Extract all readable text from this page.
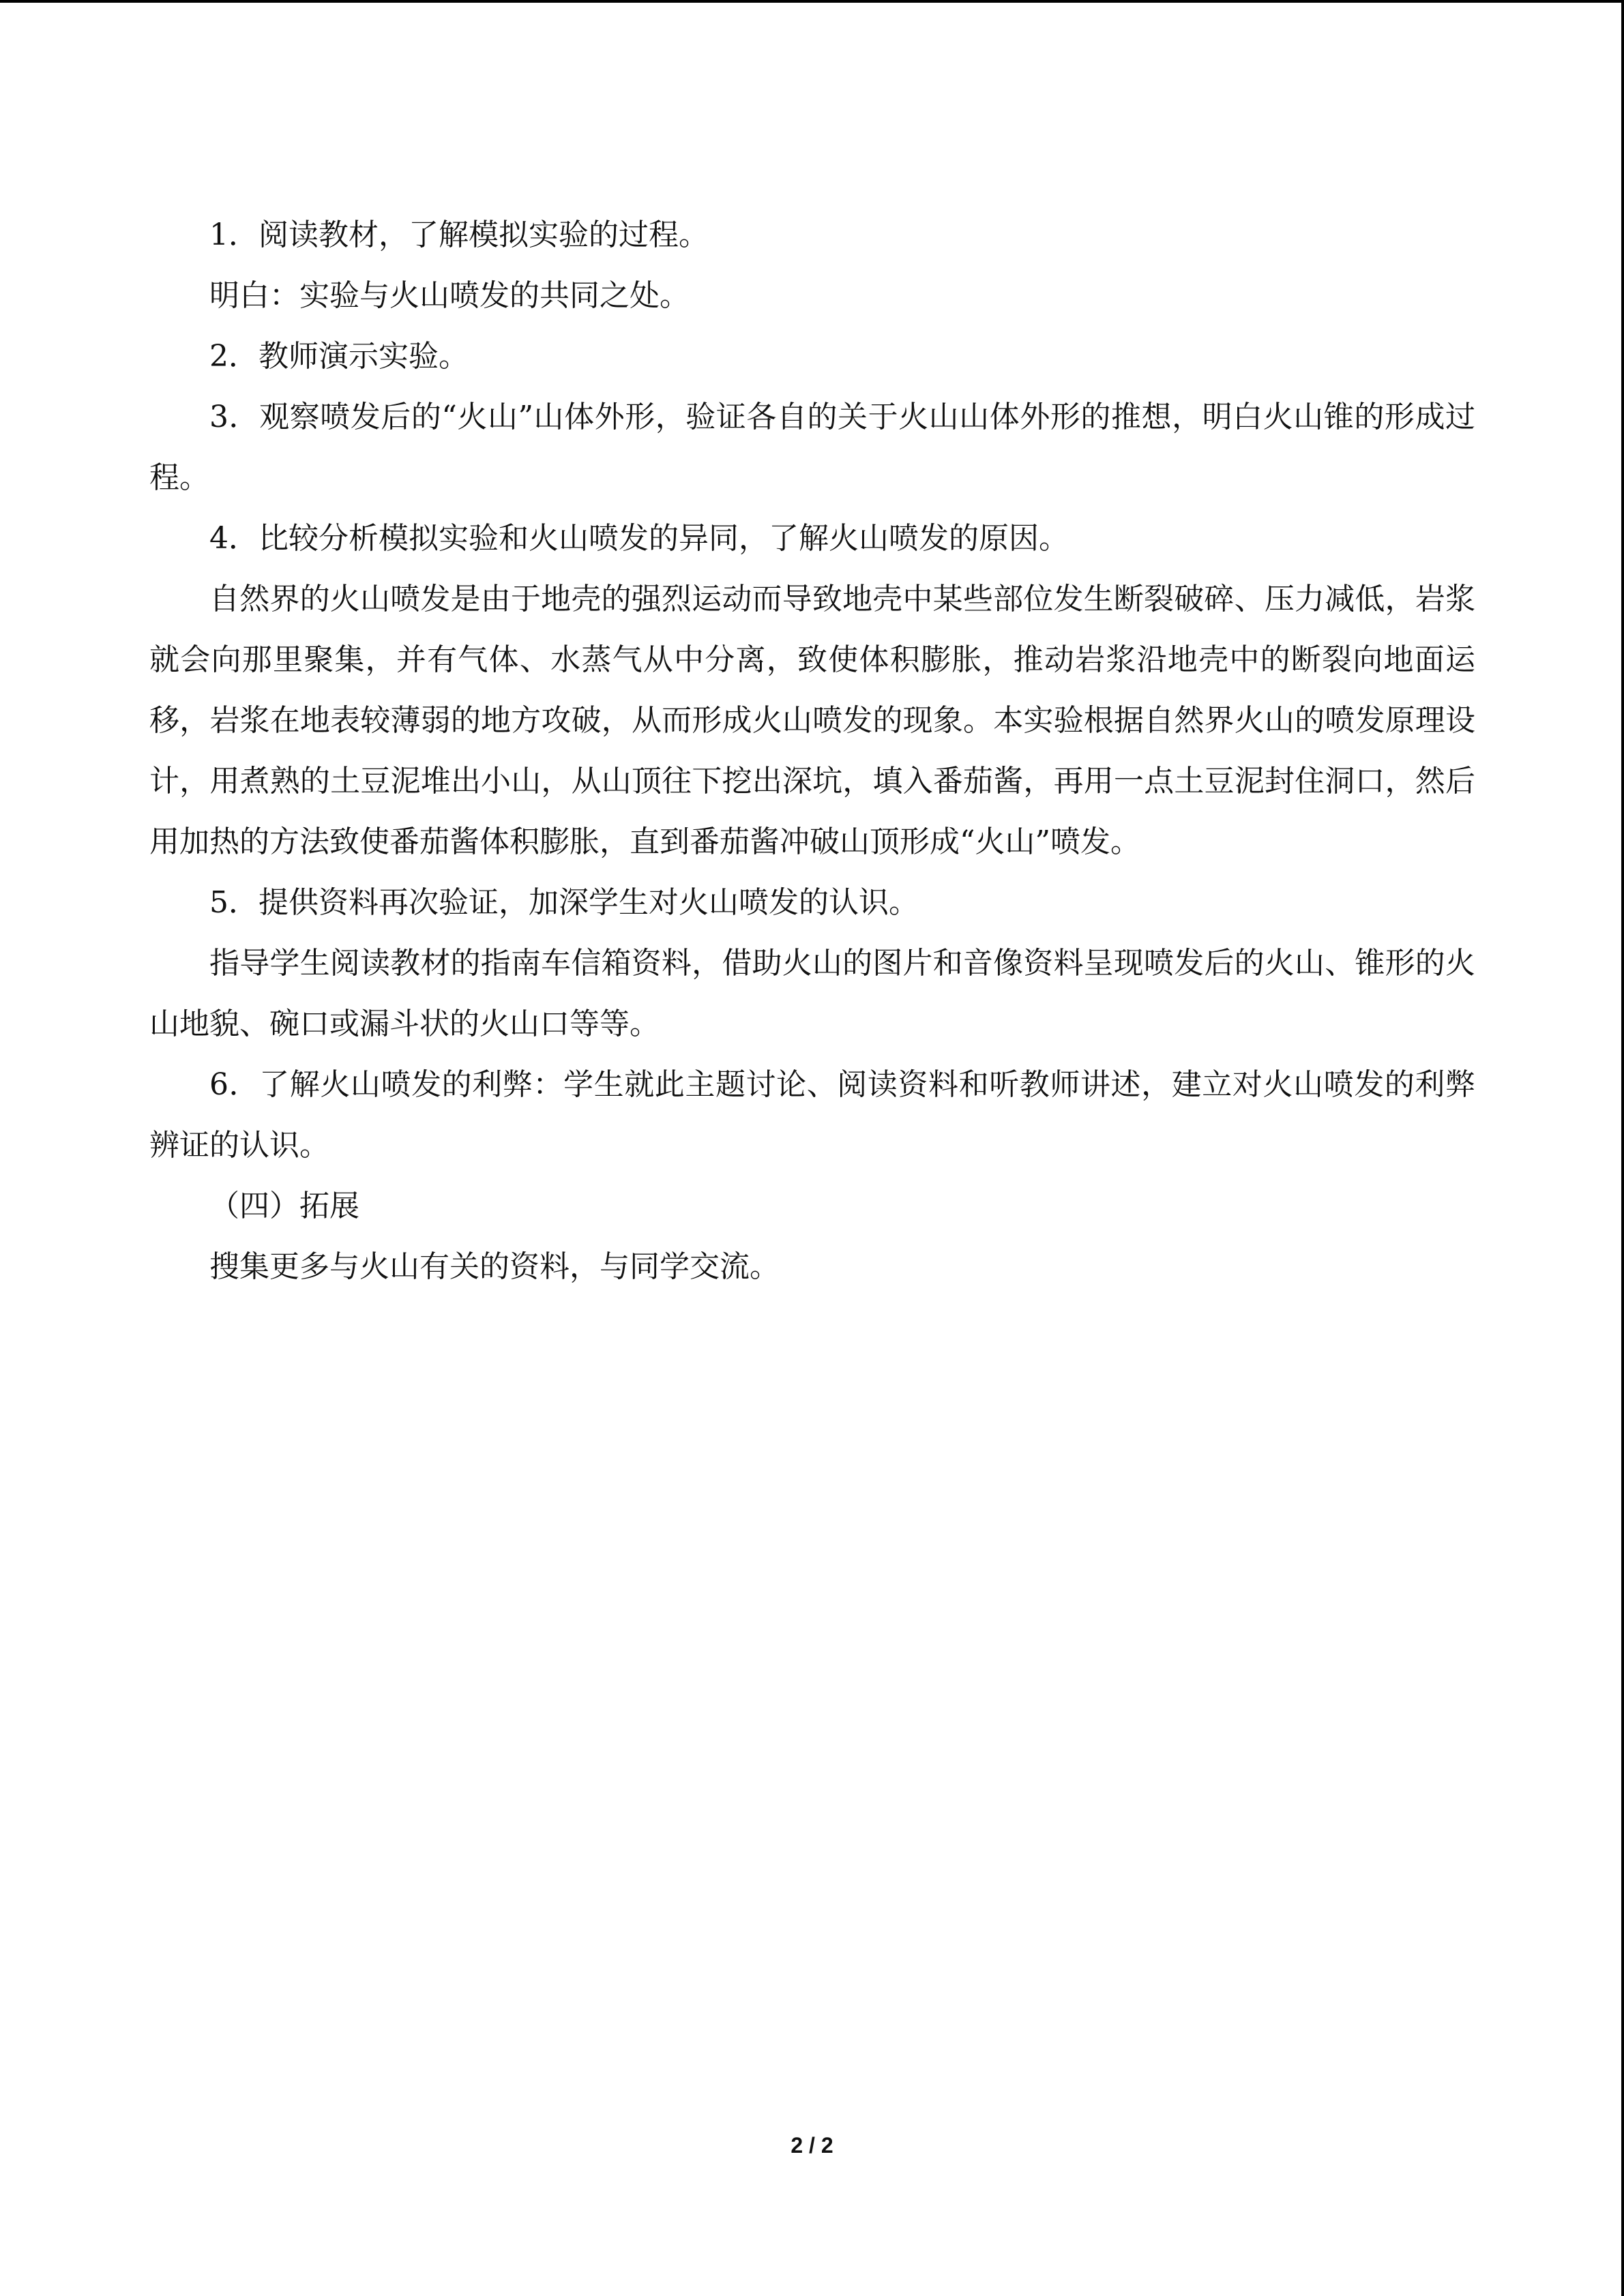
1．阅读教材，了解模拟实验的过程。

明白：实验与火山喷发的共同之处。

2．教师演示实验。

3．观察喷发后的“火山”山体外形，验证各自的关于火山山体外形的推想，明白火山锥的形成过程。

4．比较分析模拟实验和火山喷发的异同，了解火山喷发的原因。

自然界的火山喷发是由于地壳的强烈运动而导致地壳中某些部位发生断裂破碎、压力减低，岩浆就会向那里聚集，并有气体、水蒸气从中分离，致使体积膨胀，推动岩浆沿地壳中的断裂向地面运移，岩浆在地表较薄弱的地方攻破，从而形成火山喷发的现象。本实验根据自然界火山的喷发原理设计，用煮熟的土豆泥堆出小山，从山顶往下挖出深坑，填入番茄酱，再用一点土豆泥封住洞口，然后用加热的方法致使番茄酱体积膨胀，直到番茄酱冲破山顶形成“火山”喷发。

5．提供资料再次验证，加深学生对火山喷发的认识。

指导学生阅读教材的指南车信箱资料，借助火山的图片和音像资料呈现喷发后的火山、锥形的火山地貌、碗口或漏斗状的火山口等等。

6．了解火山喷发的利弊：学生就此主题讨论、阅读资料和听教师讲述，建立对火山喷发的利弊辨证的认识。

（四）拓展

搜集更多与火山有关的资料，与同学交流。

2 / 2
